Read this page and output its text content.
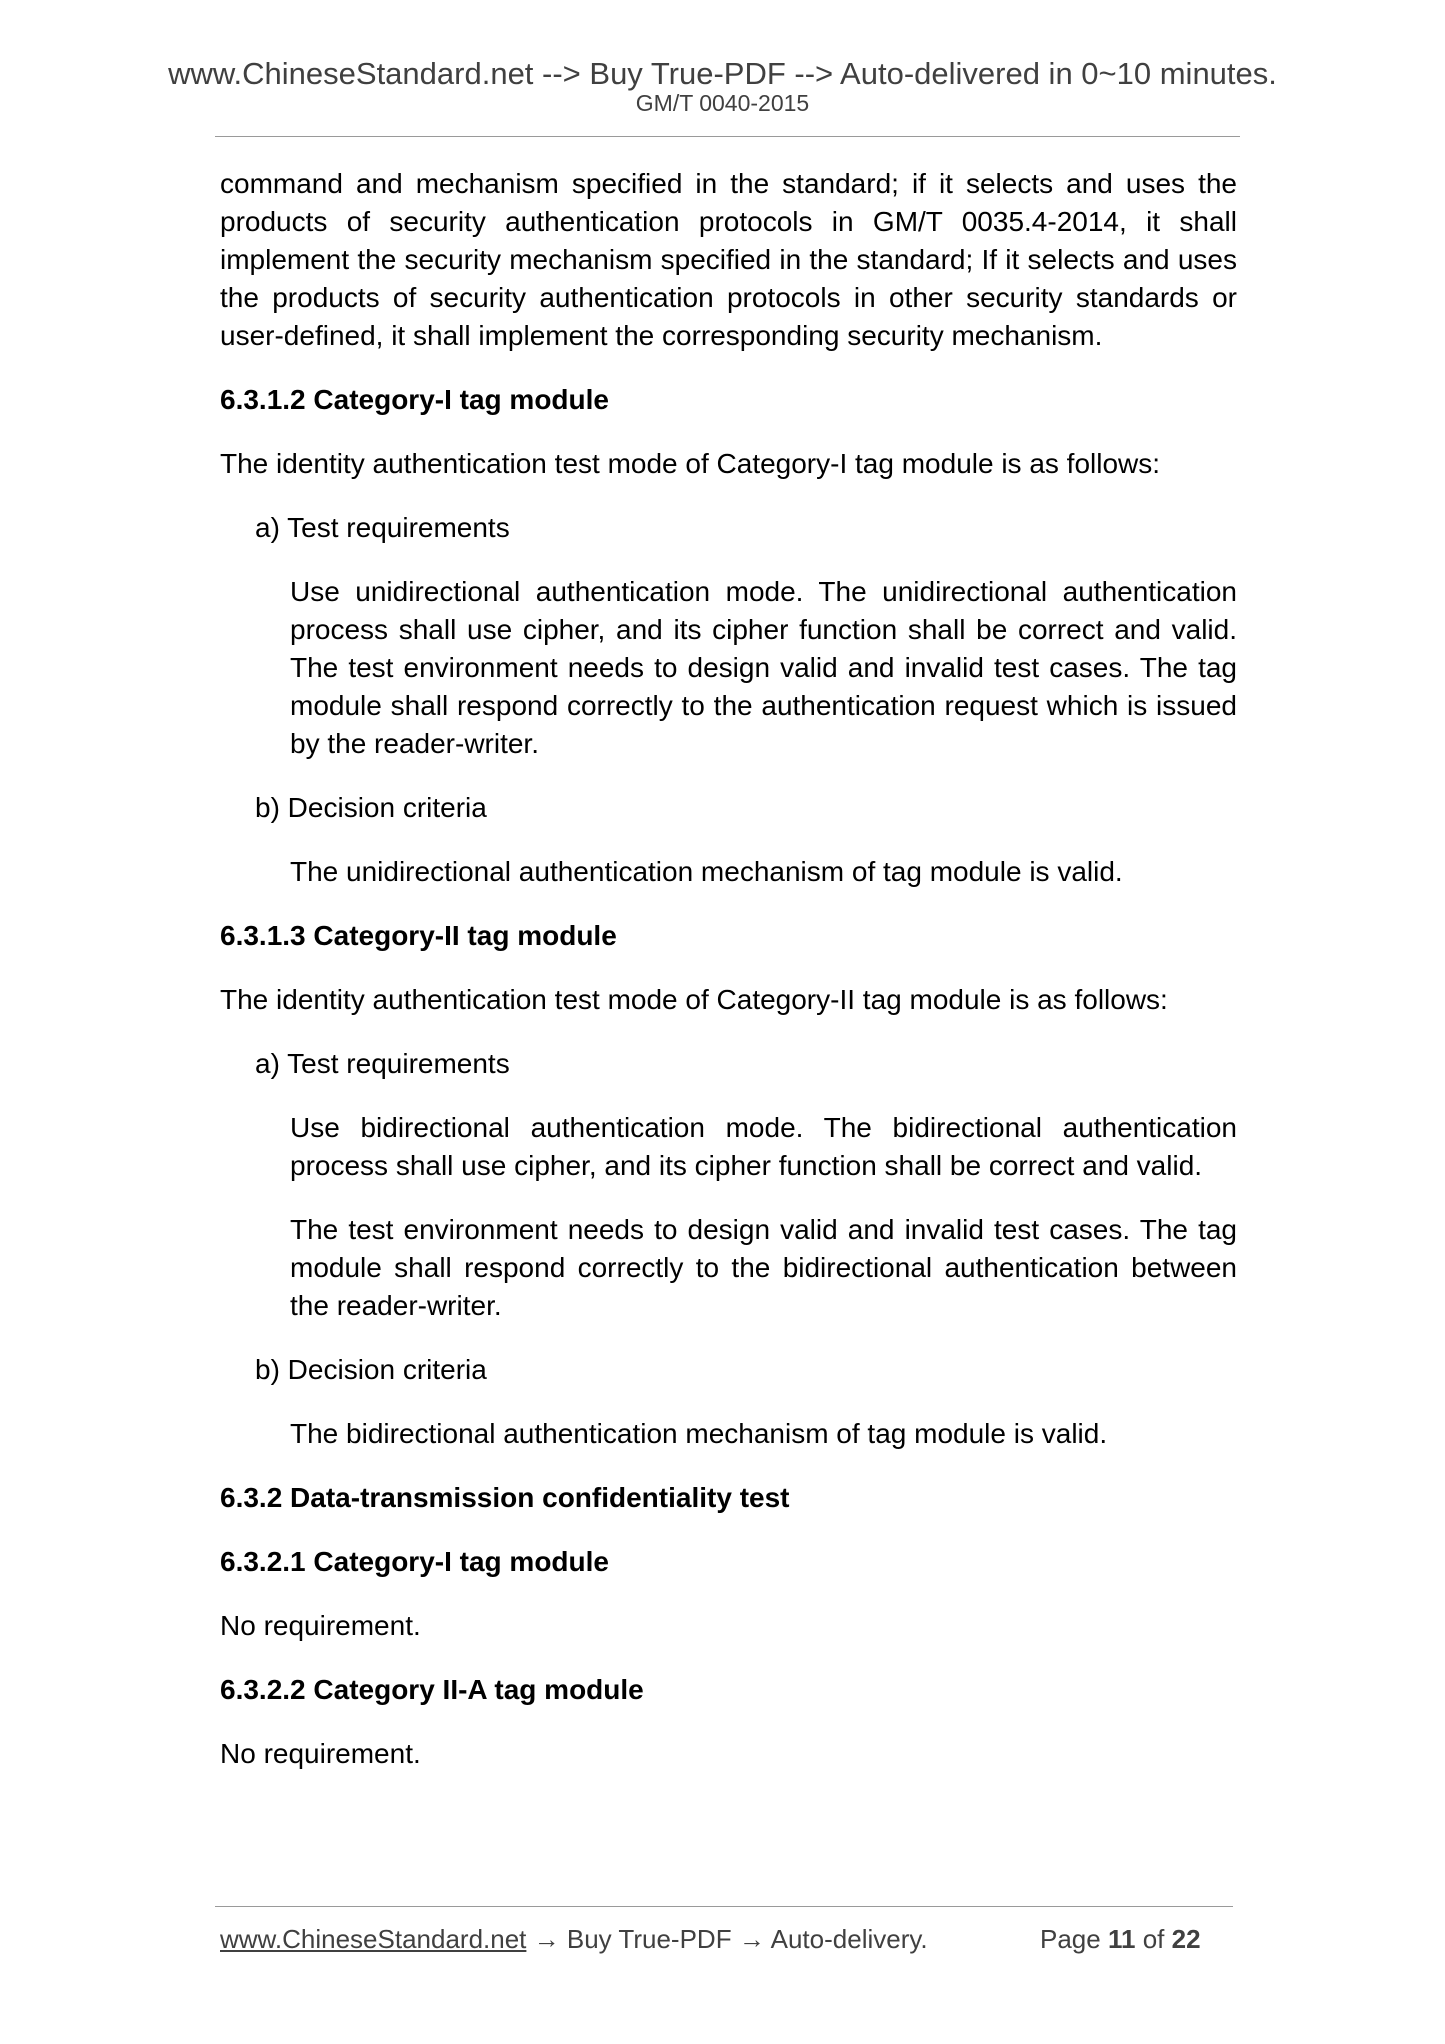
www.ChineseStandard.net --> Buy True-PDF --> Auto-delivered in 0~10 minutes.
GM/T 0040-2015

command and mechanism specified in the standard; if it selects and uses the products of security authentication protocols in GM/T 0035.4-2014, it shall implement the security mechanism specified in the standard; If it selects and uses the products of security authentication protocols in other security standards or user-defined, it shall implement the corresponding security mechanism.

6.3.1.2 Category-I tag module

The identity authentication test mode of Category-I tag module is as follows:

a) Test requirements

Use unidirectional authentication mode. The unidirectional authentication process shall use cipher, and its cipher function shall be correct and valid. The test environment needs to design valid and invalid test cases. The tag module shall respond correctly to the authentication request which is issued by the reader-writer.

b) Decision criteria

The unidirectional authentication mechanism of tag module is valid.

6.3.1.3 Category-II tag module

The identity authentication test mode of Category-II tag module is as follows:

a) Test requirements

Use bidirectional authentication mode. The bidirectional authentication process shall use cipher, and its cipher function shall be correct and valid.

The test environment needs to design valid and invalid test cases. The tag module shall respond correctly to the bidirectional authentication between the reader-writer.

b) Decision criteria

The bidirectional authentication mechanism of tag module is valid.

6.3.2 Data-transmission confidentiality test

6.3.2.1 Category-I tag module

No requirement.

6.3.2.2 Category II-A tag module

No requirement.

www.ChineseStandard.net → Buy True-PDF → Auto-delivery.	Page 11 of 22
